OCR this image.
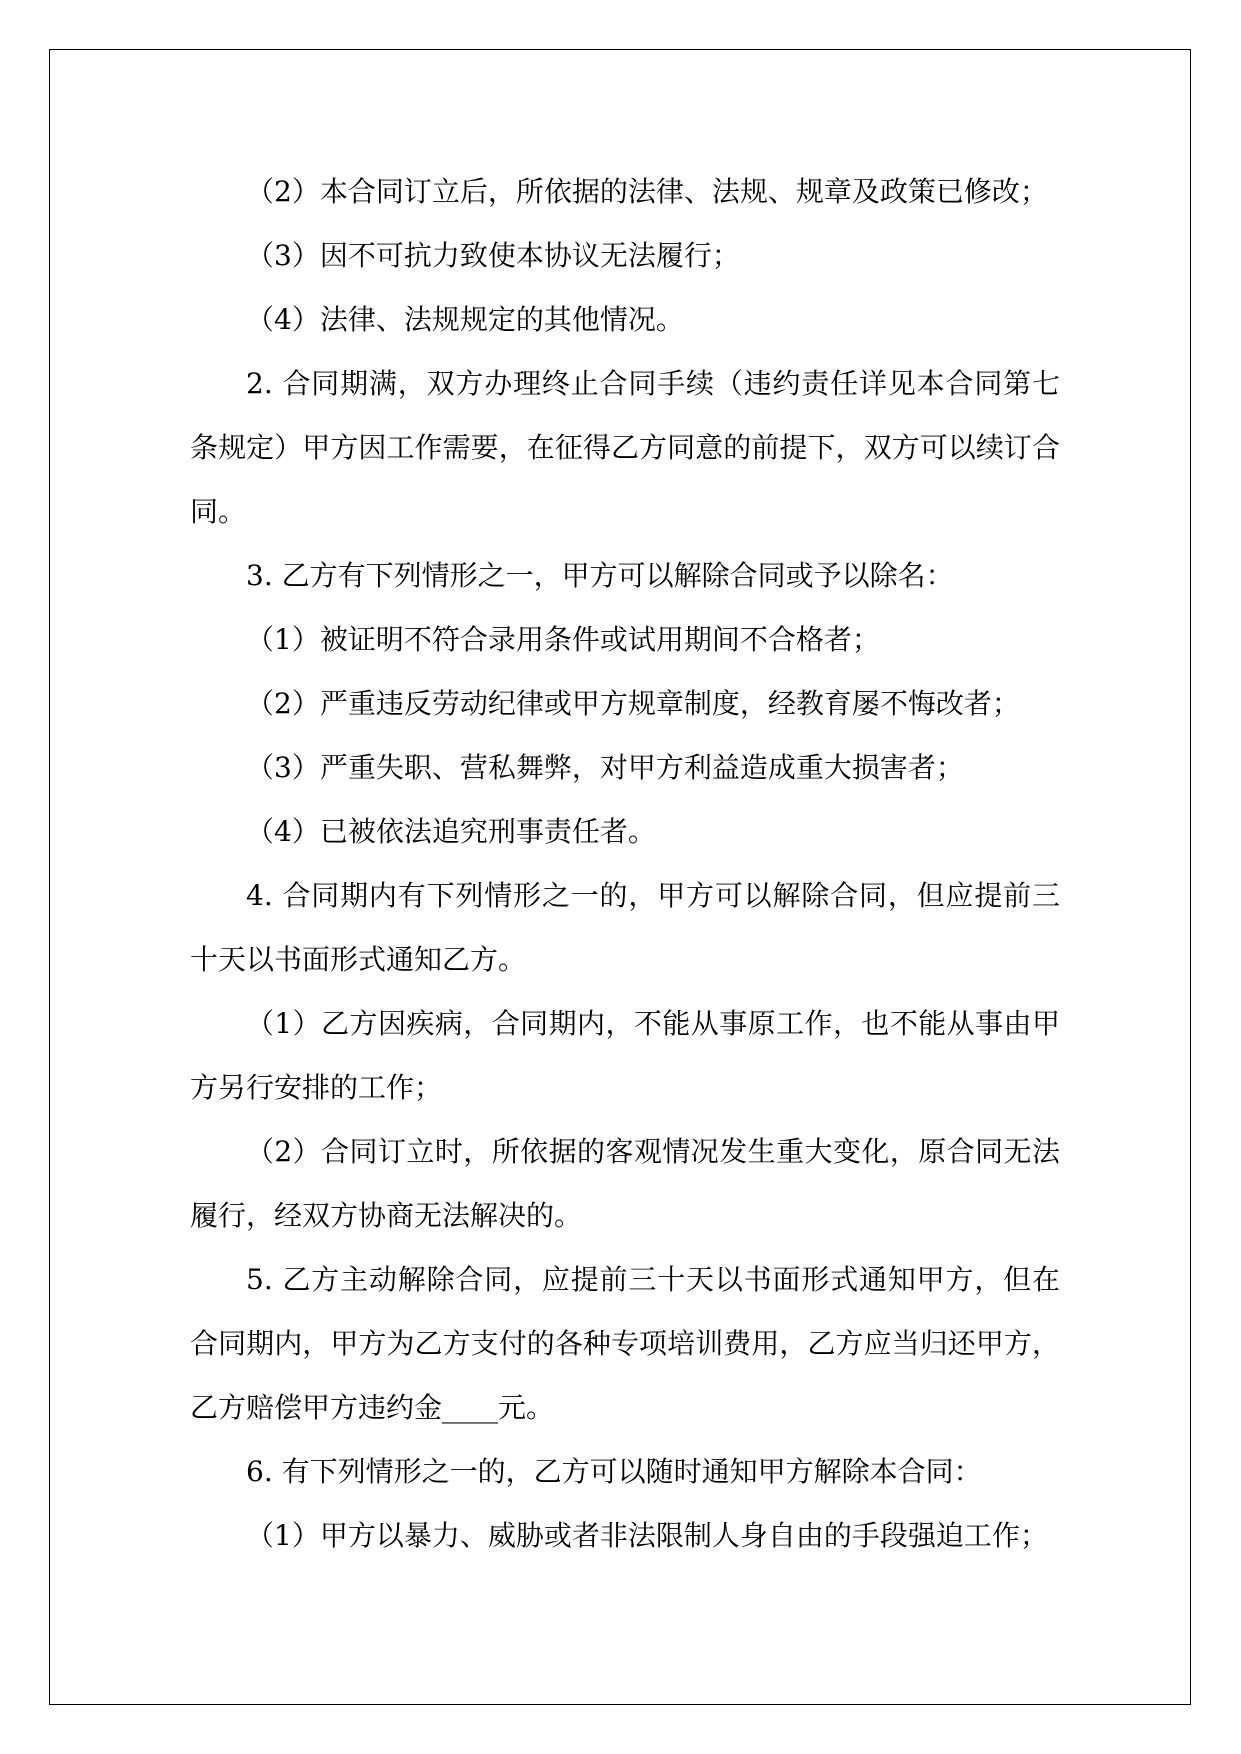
（2）本合同订立后，所依据的法律、法规、规章及政策已修改；

（3）因不可抗力致使本协议无法履行；

（4）法律、法规规定的其他情况。

2. 合同期满，双方办理终止合同手续（违约责任详见本合同第七条规定）甲方因工作需要，在征得乙方同意的前提下，双方可以续订合同。

3. 乙方有下列情形之一，甲方可以解除合同或予以除名：

（1）被证明不符合录用条件或试用期间不合格者；

（2）严重违反劳动纪律或甲方规章制度，经教育屡不悔改者；

（3）严重失职、营私舞弊，对甲方利益造成重大损害者；

（4）已被依法追究刑事责任者。

4. 合同期内有下列情形之一的，甲方可以解除合同，但应提前三十天以书面形式通知乙方。

（1）乙方因疾病，合同期内，不能从事原工作，也不能从事由甲方另行安排的工作；

（2）合同订立时，所依据的客观情况发生重大变化，原合同无法履行，经双方协商无法解决的。

5. 乙方主动解除合同，应提前三十天以书面形式通知甲方，但在合同期内，甲方为乙方支付的各种专项培训费用，乙方应当归还甲方，乙方赔偿甲方违约金____元。

6. 有下列情形之一的，乙方可以随时通知甲方解除本合同：

（1）甲方以暴力、威胁或者非法限制人身自由的手段强迫工作；
